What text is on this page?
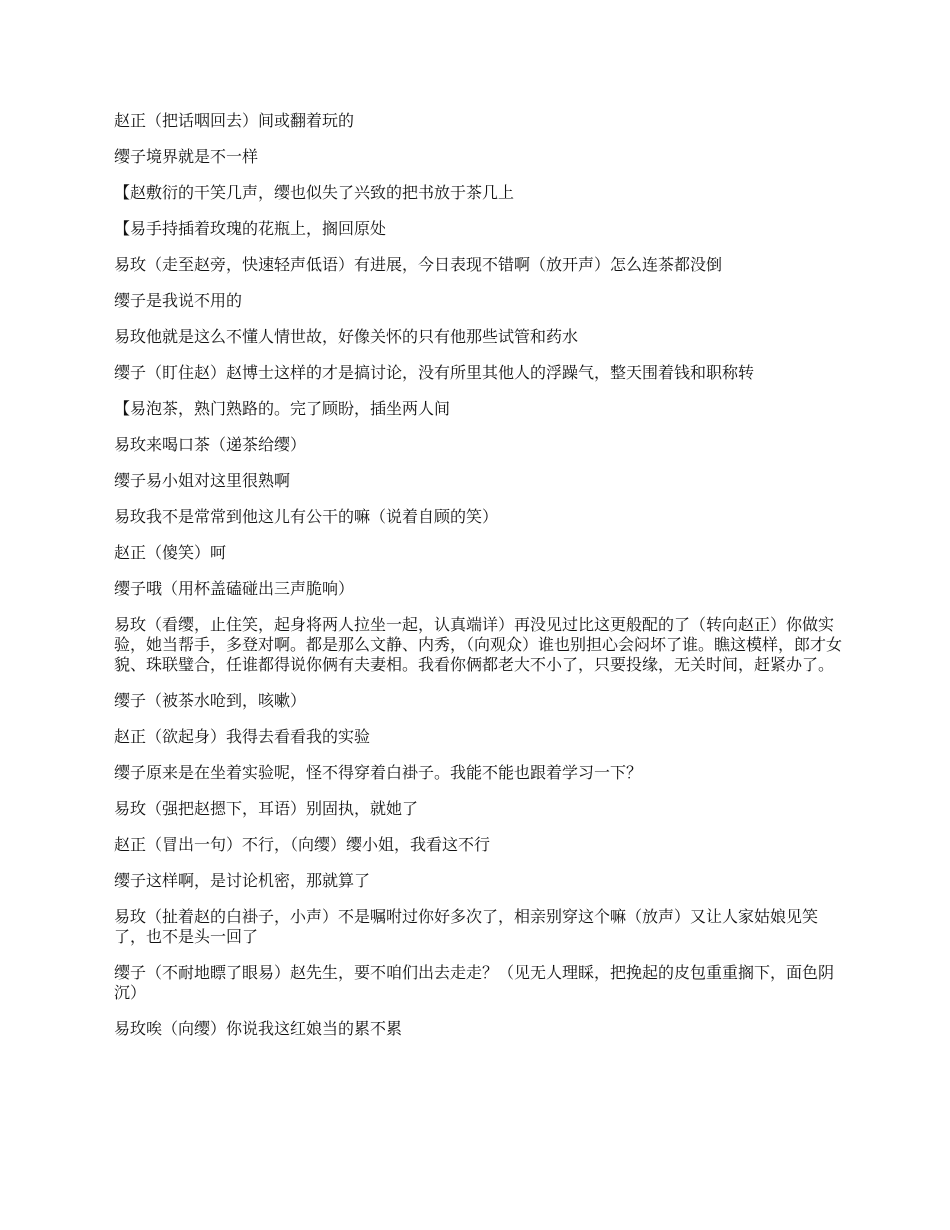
赵正（把话咽回去）间或翻着玩的

缨子境界就是不一样

【赵敷衍的干笑几声，缨也似失了兴致的把书放于茶几上

【易手持插着玫瑰的花瓶上，搁回原处

易玫（走至赵旁，快速轻声低语）有进展，今日表现不错啊（放开声）怎么连茶都没倒

缨子是我说不用的

易玫他就是这么不懂人情世故，好像关怀的只有他那些试管和药水

缨子（盯住赵）赵博士这样的才是搞讨论，没有所里其他人的浮躁气，整天围着钱和职称转

【易泡茶，熟门熟路的。完了顾盼，插坐两人间

易玫来喝口茶（递茶给缨）

缨子易小姐对这里很熟啊

易玫我不是常常到他这儿有公干的嘛（说着自顾的笑）

赵正（傻笑）呵

缨子哦（用杯盖磕碰出三声脆响）

易玫（看缨，止住笑，起身将两人拉坐一起，认真端详）再没见过比这更般配的了（转向赵正）你做实验，她当帮手，多登对啊。都是那么文静、内秀，（向观众）谁也别担心会闷坏了谁。瞧这模样，郎才女貌、珠联璧合，任谁都得说你俩有夫妻相。我看你俩都老大不小了，只要投缘，无关时间，赶紧办了。

缨子（被茶水呛到，咳嗽）

赵正（欲起身）我得去看看我的实验

缨子原来是在坐着实验呢，怪不得穿着白褂子。我能不能也跟着学习一下？

易玫（强把赵摁下，耳语）别固执，就她了

赵正（冒出一句）不行，（向缨）缨小姐，我看这不行

缨子这样啊，是讨论机密，那就算了

易玫（扯着赵的白褂子，小声）不是嘱咐过你好多次了，相亲别穿这个嘛（放声）又让人家姑娘见笑了，也不是头一回了

缨子（不耐地瞟了眼易）赵先生，要不咱们出去走走？（见无人理睬，把挽起的皮包重重搁下，面色阴沉）

易玫唉（向缨）你说我这红娘当的累不累
